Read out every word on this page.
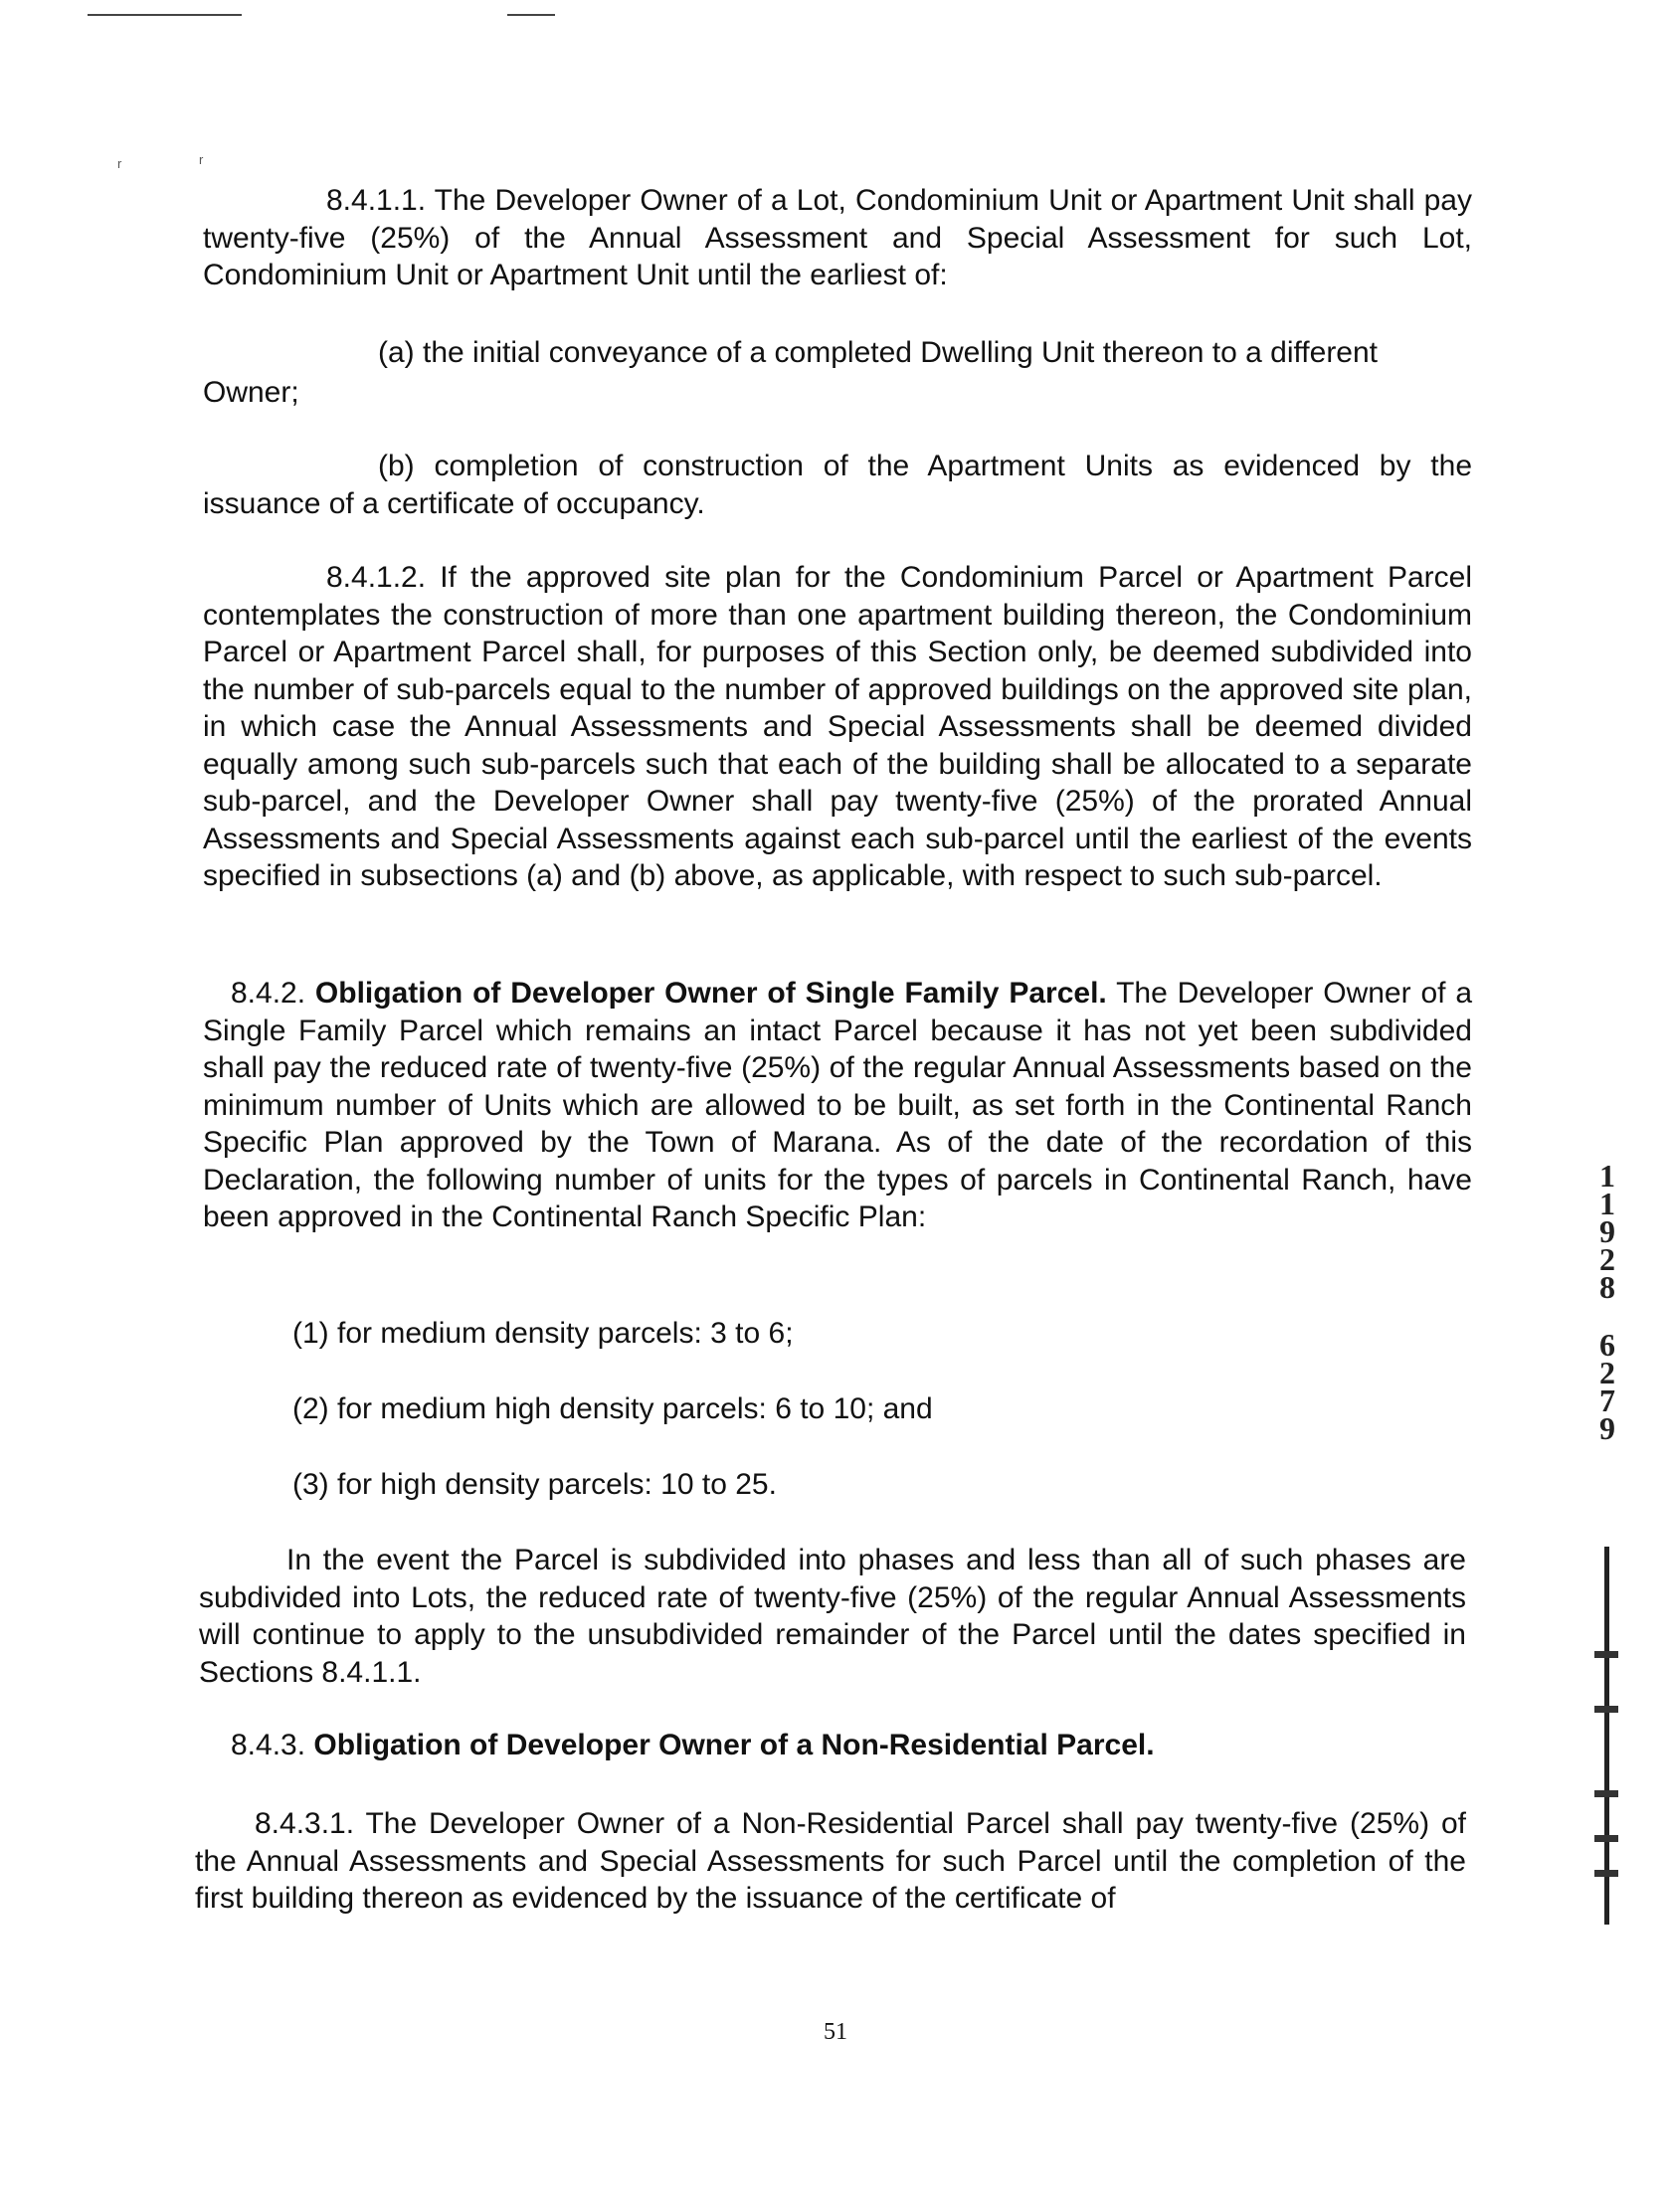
r	r

8.4.1.1. The Developer Owner of a Lot, Condominium Unit or Apartment Unit shall pay twenty-five (25%) of the Annual Assessment and Special Assessment for such Lot, Condominium Unit or Apartment Unit until the earliest of:

(a) the initial conveyance of a completed Dwelling Unit thereon to a different

Owner;

(b) completion of construction of the Apartment Units as evidenced by the issuance of a certificate of occupancy.

8.4.1.2. If the approved site plan for the Condominium Parcel or Apartment Parcel contemplates the construction of more than one apartment building thereon, the Condominium Parcel or Apartment Parcel shall, for purposes of this Section only, be deemed subdivided into the number of sub-parcels equal to the number of approved buildings on the approved site plan, in which case the Annual Assessments and Special Assessments shall be deemed divided equally among such sub-parcels such that each of the building shall be allocated to a separate sub-parcel, and the Developer Owner shall pay twenty-five (25%) of the prorated Annual Assessments and Special Assessments against each sub-parcel until the earliest of the events specified in subsections (a) and (b) above, as applicable, with respect to such sub-parcel.

8.4.2. Obligation of Developer Owner of Single Family Parcel. The Developer Owner of a Single Family Parcel which remains an intact Parcel because it has not yet been subdivided shall pay the reduced rate of twenty-five (25%) of the regular Annual Assessments based on the minimum number of Units which are allowed to be built, as set forth in the Continental Ranch Specific Plan approved by the Town of Marana. As of the date of the recordation of this Declaration, the following number of units for the types of parcels in Continental Ranch, have been approved in the Continental Ranch Specific Plan:

(1) for medium density parcels: 3 to 6;

(2) for medium high density parcels: 6 to 10; and

(3) for high density parcels: 10 to 25.

In the event the Parcel is subdivided into phases and less than all of such phases are subdivided into Lots, the reduced rate of twenty-five (25%) of the regular Annual Assessments will continue to apply to the unsubdivided remainder of the Parcel until the dates specified in Sections 8.4.1.1.

8.4.3. Obligation of Developer Owner of a Non-Residential Parcel.

8.4.3.1. The Developer Owner of a Non-Residential Parcel shall pay twenty-five (25%) of the Annual Assessments and Special Assessments for such Parcel until the completion of the first building thereon as evidenced by the issuance of the certificate of

1
1
9
2
8
6
2
7
9
51
